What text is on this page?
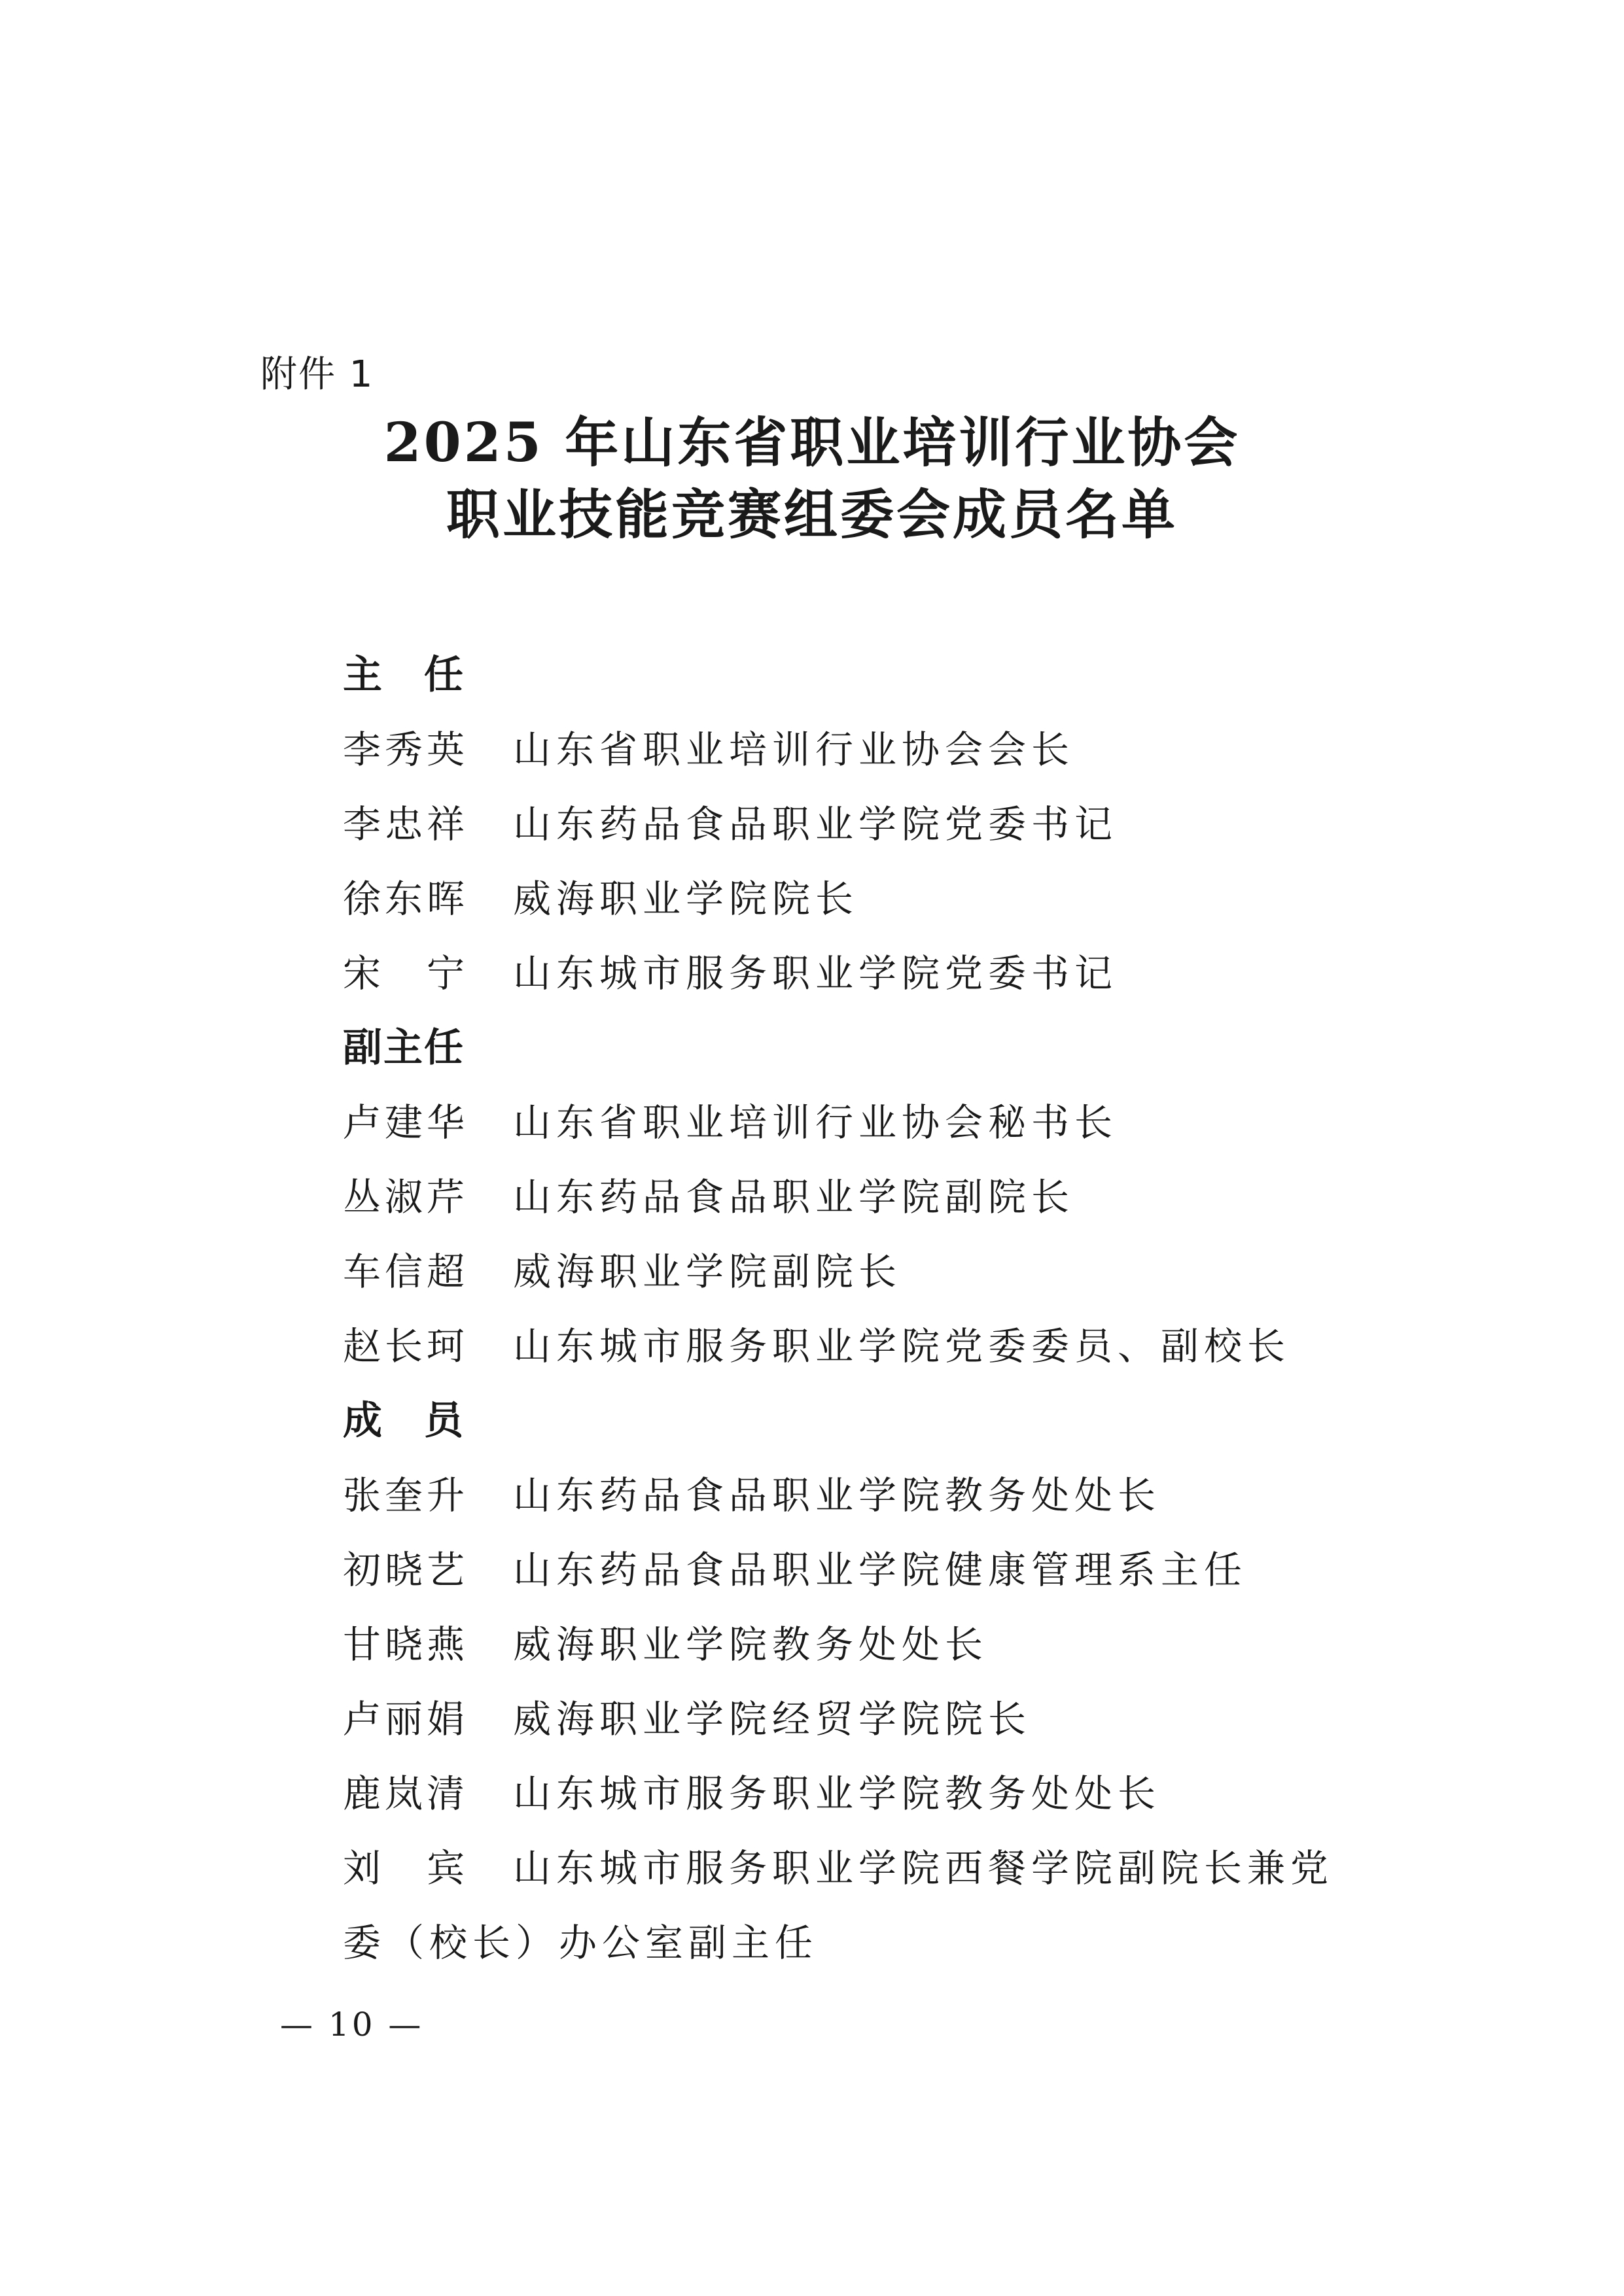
附件 1
2025 年山东省职业培训行业协会
职业技能竞赛组委会成员名单
主　任
李秀英	山东省职业培训行业协会会长
李忠祥	山东药品食品职业学院党委书记
徐东晖	威海职业学院院长
宋　宁	山东城市服务职业学院党委书记
副主任
卢建华	山东省职业培训行业协会秘书长
丛淑芹	山东药品食品职业学院副院长
车信超	威海职业学院副院长
赵长珂	山东城市服务职业学院党委委员、副校长
成　员
张奎升	山东药品食品职业学院教务处处长
初晓艺	山东药品食品职业学院健康管理系主任
甘晓燕	威海职业学院教务处处长
卢丽娟	威海职业学院经贸学院院长
鹿岚清	山东城市服务职业学院教务处处长
刘　宾	山东城市服务职业学院西餐学院副院长兼党
委（校长）办公室副主任
— 10 —
